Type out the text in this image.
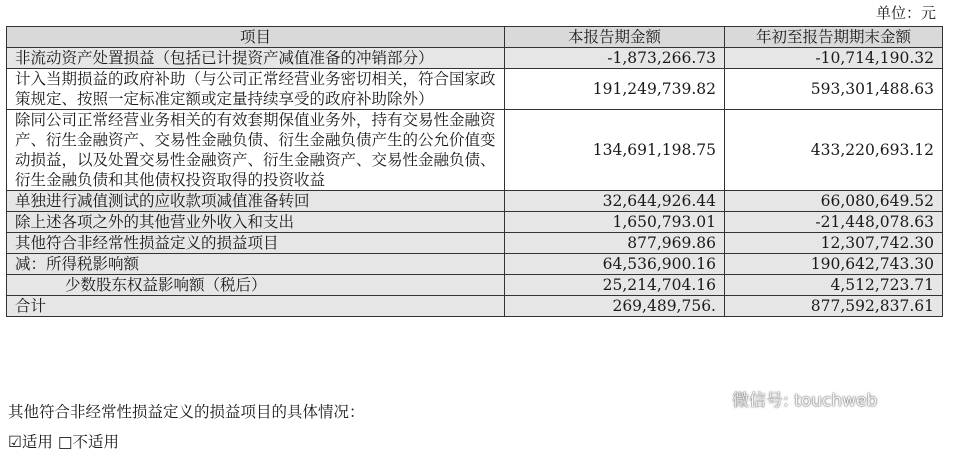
单位：元
项目	本报告期金额	年初至报告期期末金额
非流动资产处置损益（包括已计提资产减值准备的冲销部分）	-1,873,266.73	-10,714,190.32
计入当期损益的政府补助（与公司正常经营业务密切相关，符合国家政策规定、按照一定标准定额或定量持续享受的政府补助除外）	191,249,739.82	593,301,488.63
除同公司正常经营业务相关的有效套期保值业务外，持有交易性金融资产、衍生金融资产、交易性金融负债、衍生金融负债产生的公允价值变动损益，以及处置交易性金融资产、衍生金融资产、交易性金融负债、衍生金融负债和其他债权投资取得的投资收益	134,691,198.75	433,220,693.12
单独进行减值测试的应收款项减值准备转回	32,644,926.44	66,080,649.52
除上述各项之外的其他营业外收入和支出	1,650,793.01	-21,448,078.63
其他符合非经常性损益定义的损益项目	877,969.86	12,307,742.30
减：所得税影响额	64,536,900.16	190,642,743.30
少数股东权益影响额（税后）	25,214,704.16	4,512,723.71
合计	269,489,756.	877,592,837.61
其他符合非经常性损益定义的损益项目的具体情况：
☑适用 □不适用
微信号: touchweb
